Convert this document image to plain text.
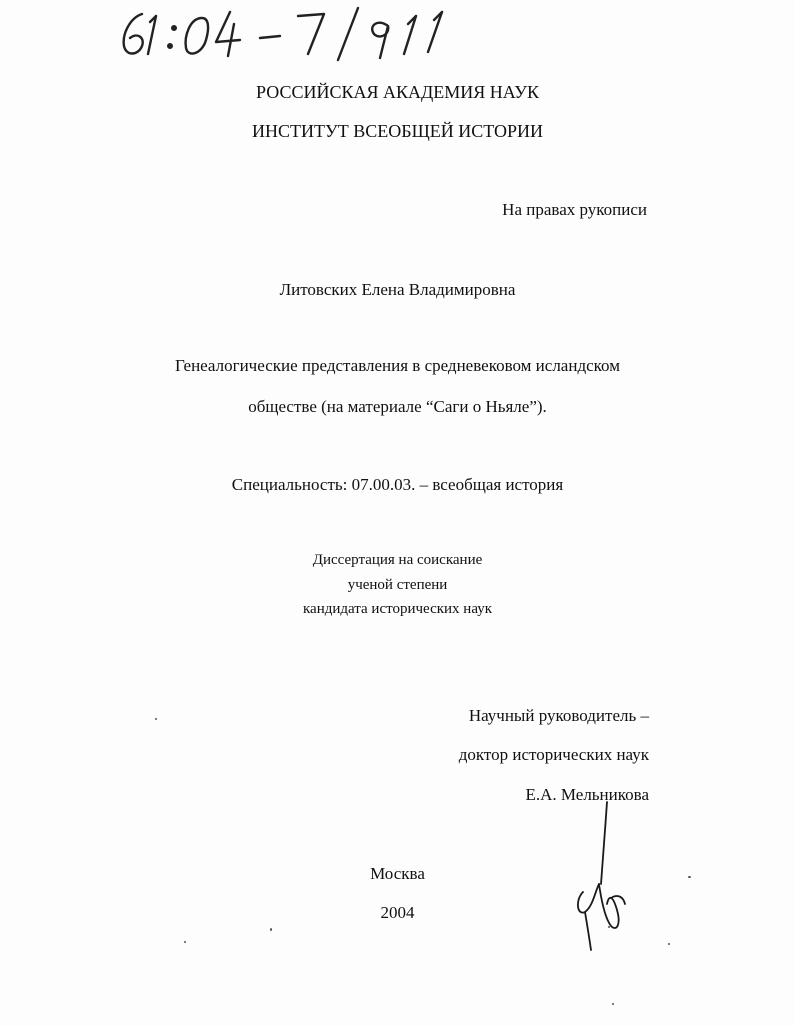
РОССИЙСКАЯ АКАДЕМИЯ НАУК
ИНСТИТУТ ВСЕОБЩЕЙ ИСТОРИИ
На правах рукописи
Литовских Елена Владимировна
Генеалогические представления в средневековом исландском
обществе (на материале “Саги о Ньяле”).
Специальность: 07.00.03. – всеобщая история
Диссертация на соискание
ученой степени
кандидата исторических наук
Научный руководитель –
доктор исторических наук
Е.А. Мельникова
Москва
2004
